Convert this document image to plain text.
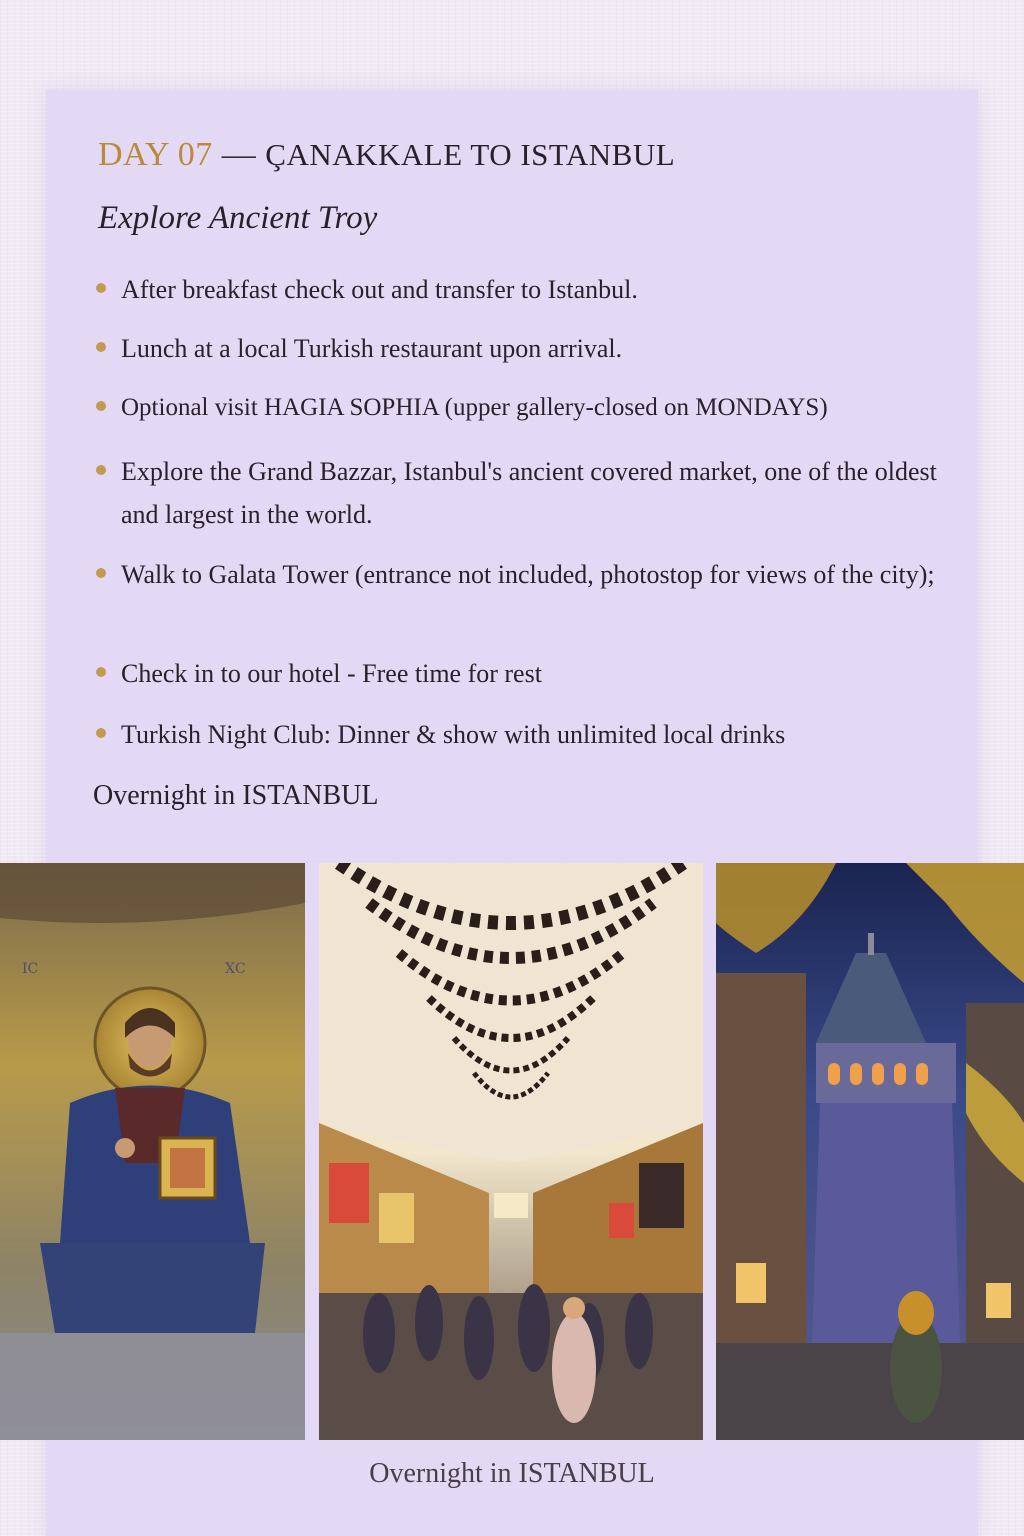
DAY 07 — ÇANAKKALE TO ISTANBUL
Explore Ancient Troy
After breakfast check out and transfer to Istanbul.
Lunch at a local Turkish restaurant upon arrival.
Optional visit HAGIA SOPHIA (upper gallery-closed on MONDAYS)
Explore the Grand Bazzar, Istanbul's ancient covered market, one of the oldest and largest in the world.
Walk to Galata Tower (entrance not included, photostop for views of the city);
Check in to our hotel - Free time for rest
Turkish Night Club: Dinner & show with unlimited local drinks

Overnight in ISTANBUL

ΙϹ	ΧϹ

Overnight in ISTANBUL
